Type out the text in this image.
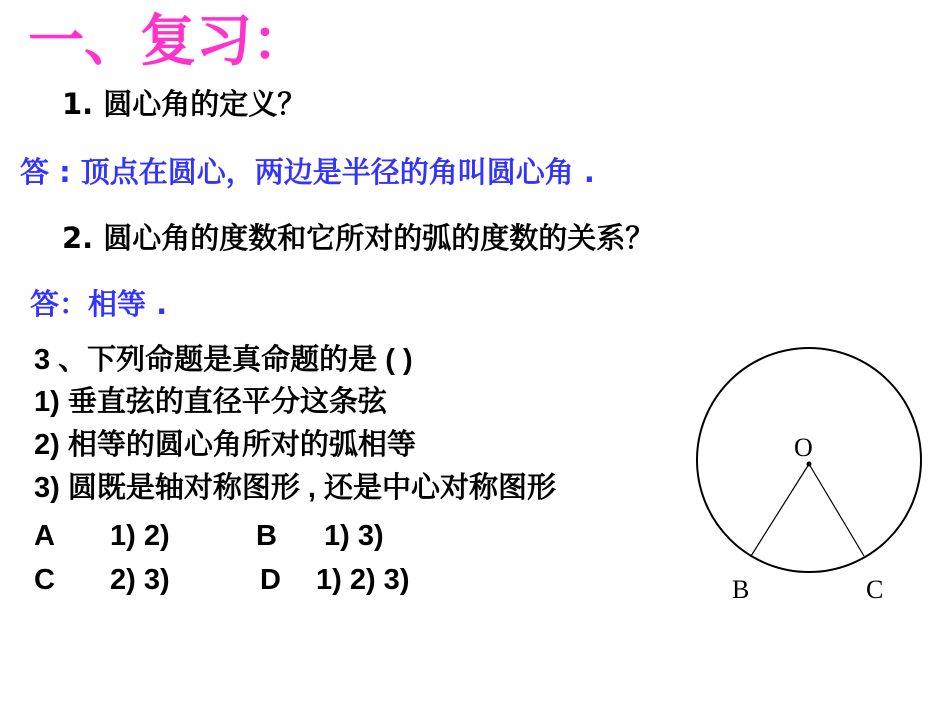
一、复习：
1. 圆心角的定义？
答 : 顶点在圆心，两边是半径的角叫圆心角 .
2. 圆心角的度数和它所对的弧的度数的关系？
答：相等 .
3 、下列命题是真命题的是 ( )
1) 垂直弦的直径平分这条弦
2) 相等的圆心角所对的弧相等
3) 圆既是轴对称图形 , 还是中心对称图形
A 1) 2)	B 1) 3)
C 2) 3)	D 1) 2) 3)
O
B	C
